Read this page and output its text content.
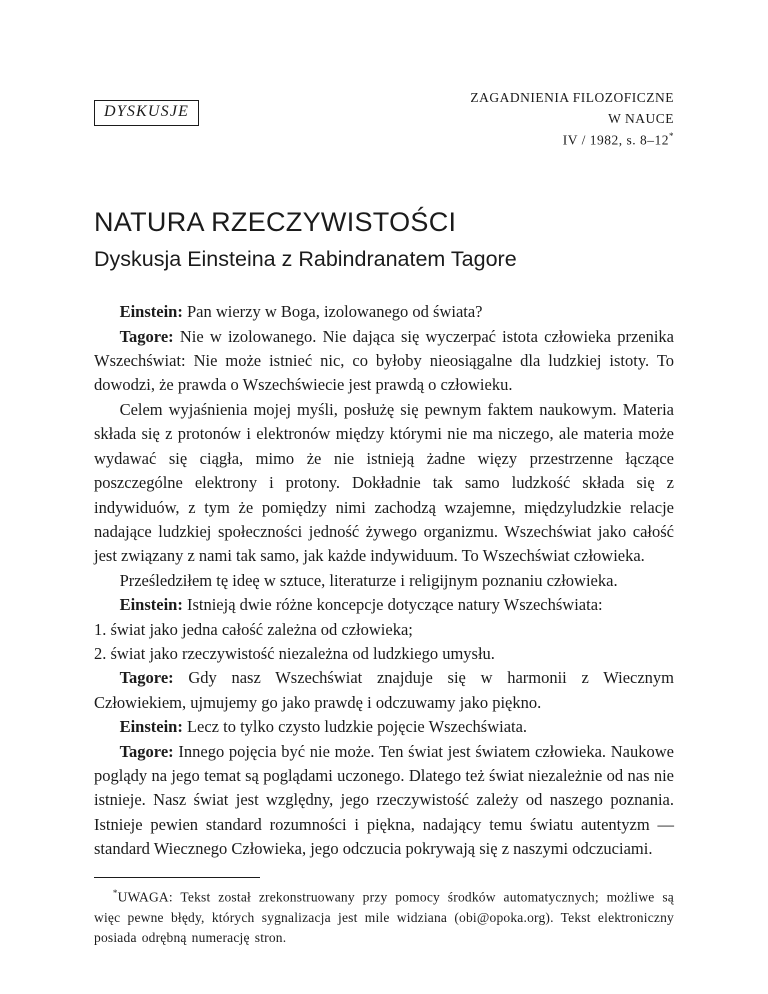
DYSKUSJE
ZAGADNIENIA FILOZOFICZNE
W NAUCE
IV / 1982, s. 8–12*
NATURA RZECZYWISTOŚCI
Dyskusja Einsteina z Rabindranatem Tagore

Einstein: Pan wierzy w Boga, izolowanego od świata?

Tagore: Nie w izolowanego. Nie dająca się wyczerpać istota człowieka przenika Wszechświat: Nie może istnieć nic, co byłoby nieosiągalne dla ludzkiej istoty. To dowodzi, że prawda o Wszechświecie jest prawdą o człowieku.

Celem wyjaśnienia mojej myśli, posłużę się pewnym faktem naukowym. Materia składa się z protonów i elektronów między którymi nie ma niczego, ale materia może wydawać się ciągła, mimo że nie istnieją żadne więzy przestrzenne łączące poszczególne elektrony i protony. Dokładnie tak samo ludzkość składa się z indywiduów, z tym że pomiędzy nimi zachodzą wzajemne, międzyludzkie relacje nadające ludzkiej społeczności jedność żywego organizmu. Wszechświat jako całość jest związany z nami tak samo, jak każde indywiduum. To Wszechświat człowieka.

Prześledziłem tę ideę w sztuce, literaturze i religijnym poznaniu człowieka.

Einstein: Istnieją dwie różne koncepcje dotyczące natury Wszechświata:

1. świat jako jedna całość zależna od człowieka;

2. świat jako rzeczywistość niezależna od ludzkiego umysłu.

Tagore: Gdy nasz Wszechświat znajduje się w harmonii z Wiecznym Człowiekiem, ujmujemy go jako prawdę i odczuwamy jako piękno.

Einstein: Lecz to tylko czysto ludzkie pojęcie Wszechświata.

Tagore: Innego pojęcia być nie może. Ten świat jest światem człowieka. Naukowe poglądy na jego temat są poglądami uczonego. Dlatego też świat niezależnie od nas nie istnieje. Nasz świat jest względny, jego rzeczywistość zależy od naszego poznania. Istnieje pewien standard rozumności i piękna, nadający temu światu autentyzm — standard Wiecznego Człowieka, jego odczucia pokrywają się z naszymi odczuciami.

*UWAGA: Tekst został zrekonstruowany przy pomocy środków automatycznych; możliwe są więc pewne błędy, których sygnalizacja jest mile widziana (obi@opoka.org). Tekst elektroniczny posiada odrębną numerację stron.
